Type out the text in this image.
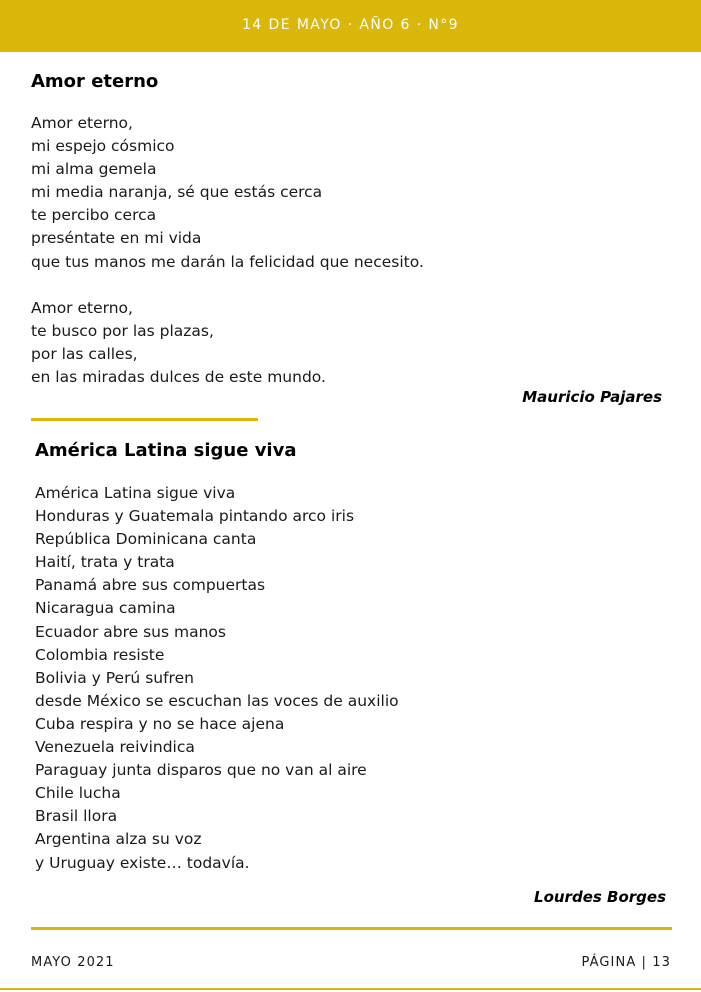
14 DE MAYO · AÑO 6 · N°9
Amor eterno
Amor eterno,
mi espejo cósmico
mi alma gemela
mi media naranja, sé que estás cerca
te percibo cerca
preséntate en mi vida
que tus manos me darán la felicidad que necesito.
Amor eterno,
te busco por las plazas,
por las calles,
en las miradas dulces de este mundo.
Mauricio Pajares
América Latina sigue viva
América Latina sigue viva
Honduras y Guatemala pintando arco iris
República Dominicana canta
Haití, trata y trata
Panamá abre sus compuertas
Nicaragua camina
Ecuador abre sus manos
Colombia resiste
Bolivia y Perú sufren
desde México se escuchan las voces de auxilio
Cuba respira y no se hace ajena
Venezuela reivindica
Paraguay junta disparos que no van al aire
Chile lucha
Brasil llora
Argentina alza su voz
y Uruguay existe… todavía.
Lourdes Borges
MAYO 2021	PÁGINA | 13
